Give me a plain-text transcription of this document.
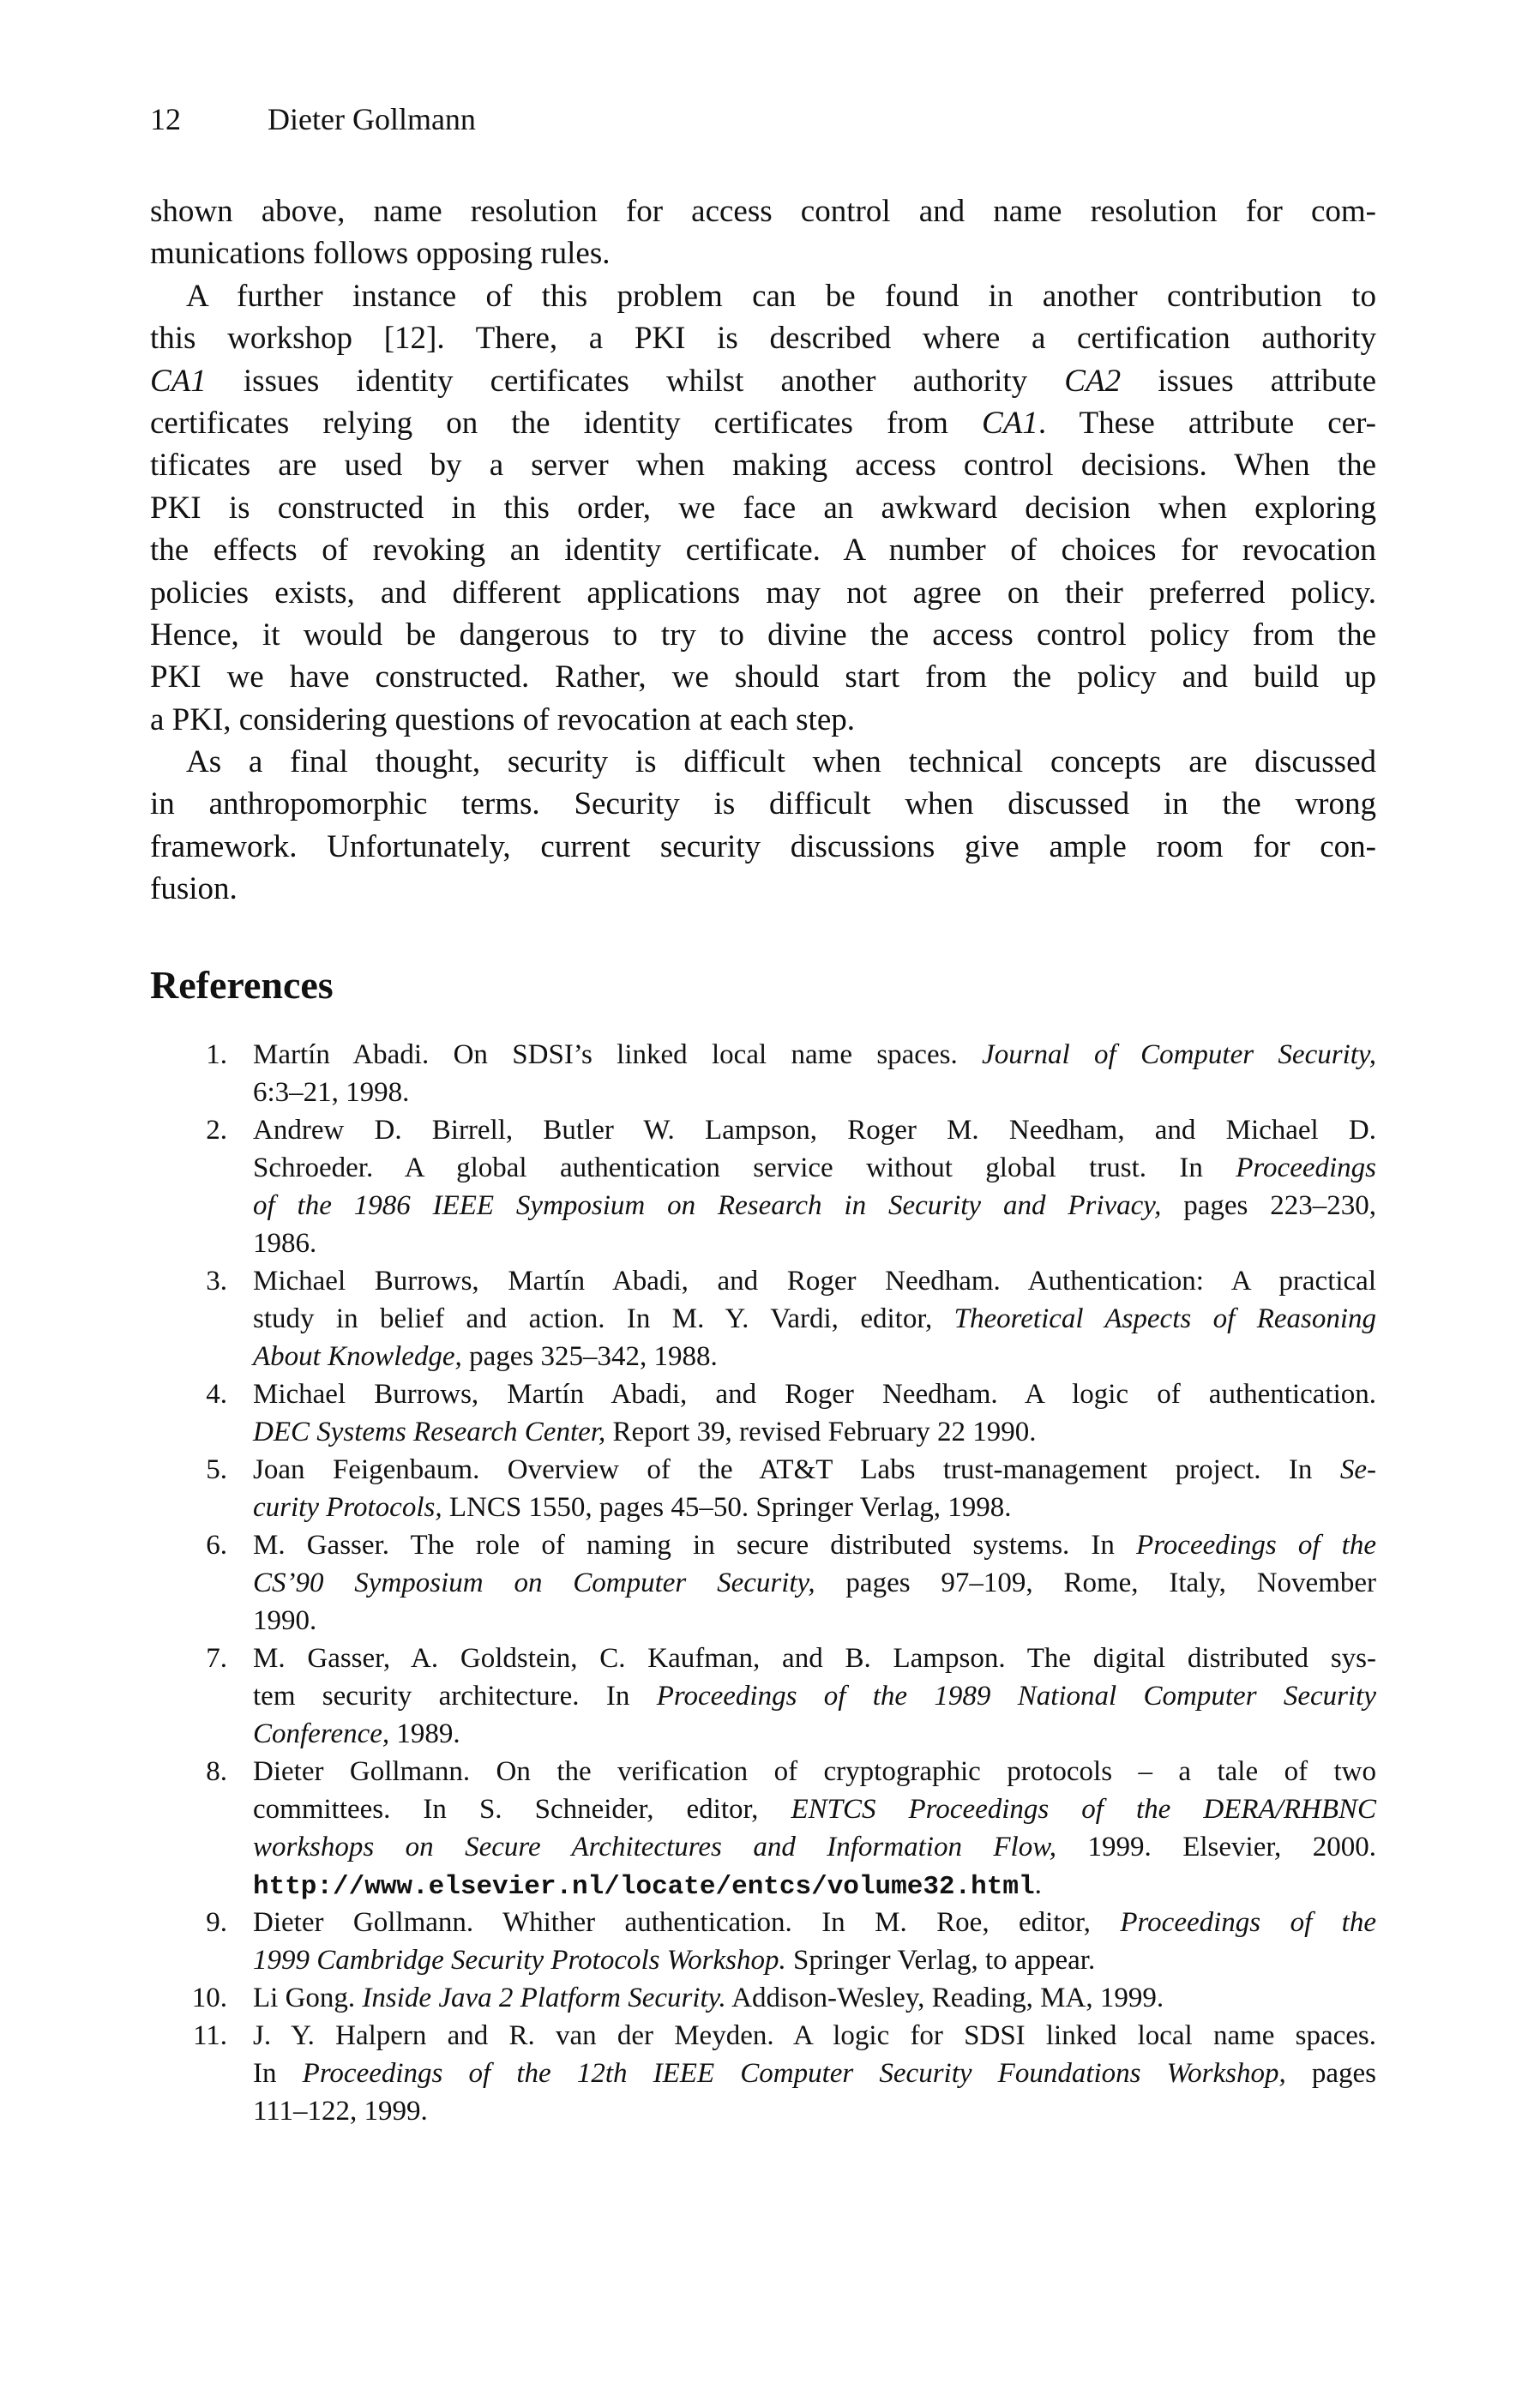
12	Dieter Gollmann
shown above, name resolution for access control and name resolution for com-
munications follows opposing rules.
A further instance of this problem can be found in another contribution to
this workshop [12]. There, a PKI is described where a certification authority
CA1 issues identity certificates whilst another authority CA2 issues attribute
certificates relying on the identity certificates from CA1. These attribute cer-
tificates are used by a server when making access control decisions. When the
PKI is constructed in this order, we face an awkward decision when exploring
the effects of revoking an identity certificate. A number of choices for revocation
policies exists, and different applications may not agree on their preferred policy.
Hence, it would be dangerous to try to divine the access control policy from the
PKI we have constructed. Rather, we should start from the policy and build up
a PKI, considering questions of revocation at each step.
As a final thought, security is difficult when technical concepts are discussed
in anthropomorphic terms. Security is difficult when discussed in the wrong
framework. Unfortunately, current security discussions give ample room for con-
fusion.
References
1. Martín Abadi. On SDSI’s linked local name spaces. Journal of Computer Security,
6:3–21, 1998.
2. Andrew D. Birrell, Butler W. Lampson, Roger M. Needham, and Michael D.
Schroeder. A global authentication service without global trust. In Proceedings
of the 1986 IEEE Symposium on Research in Security and Privacy, pages 223–230,
1986.
3. Michael Burrows, Martín Abadi, and Roger Needham. Authentication: A practical
study in belief and action. In M. Y. Vardi, editor, Theoretical Aspects of Reasoning
About Knowledge, pages 325–342, 1988.
4. Michael Burrows, Martín Abadi, and Roger Needham. A logic of authentication.
DEC Systems Research Center, Report 39, revised February 22 1990.
5. Joan Feigenbaum. Overview of the AT&T Labs trust-management project. In Se-
curity Protocols, LNCS 1550, pages 45–50. Springer Verlag, 1998.
6. M. Gasser. The role of naming in secure distributed systems. In Proceedings of the
CS’90 Symposium on Computer Security, pages 97–109, Rome, Italy, November
1990.
7. M. Gasser, A. Goldstein, C. Kaufman, and B. Lampson. The digital distributed sys-
tem security architecture. In Proceedings of the 1989 National Computer Security
Conference, 1989.
8. Dieter Gollmann. On the verification of cryptographic protocols – a tale of two
committees. In S. Schneider, editor, ENTCS Proceedings of the DERA/RHBNC
workshops on Secure Architectures and Information Flow, 1999. Elsevier, 2000.
http://www.elsevier.nl/locate/entcs/volume32.html.
9. Dieter Gollmann. Whither authentication. In M. Roe, editor, Proceedings of the
1999 Cambridge Security Protocols Workshop. Springer Verlag, to appear.
10. Li Gong. Inside Java 2 Platform Security. Addison-Wesley, Reading, MA, 1999.
11. J. Y. Halpern and R. van der Meyden. A logic for SDSI linked local name spaces.
In Proceedings of the 12th IEEE Computer Security Foundations Workshop, pages
111–122, 1999.
